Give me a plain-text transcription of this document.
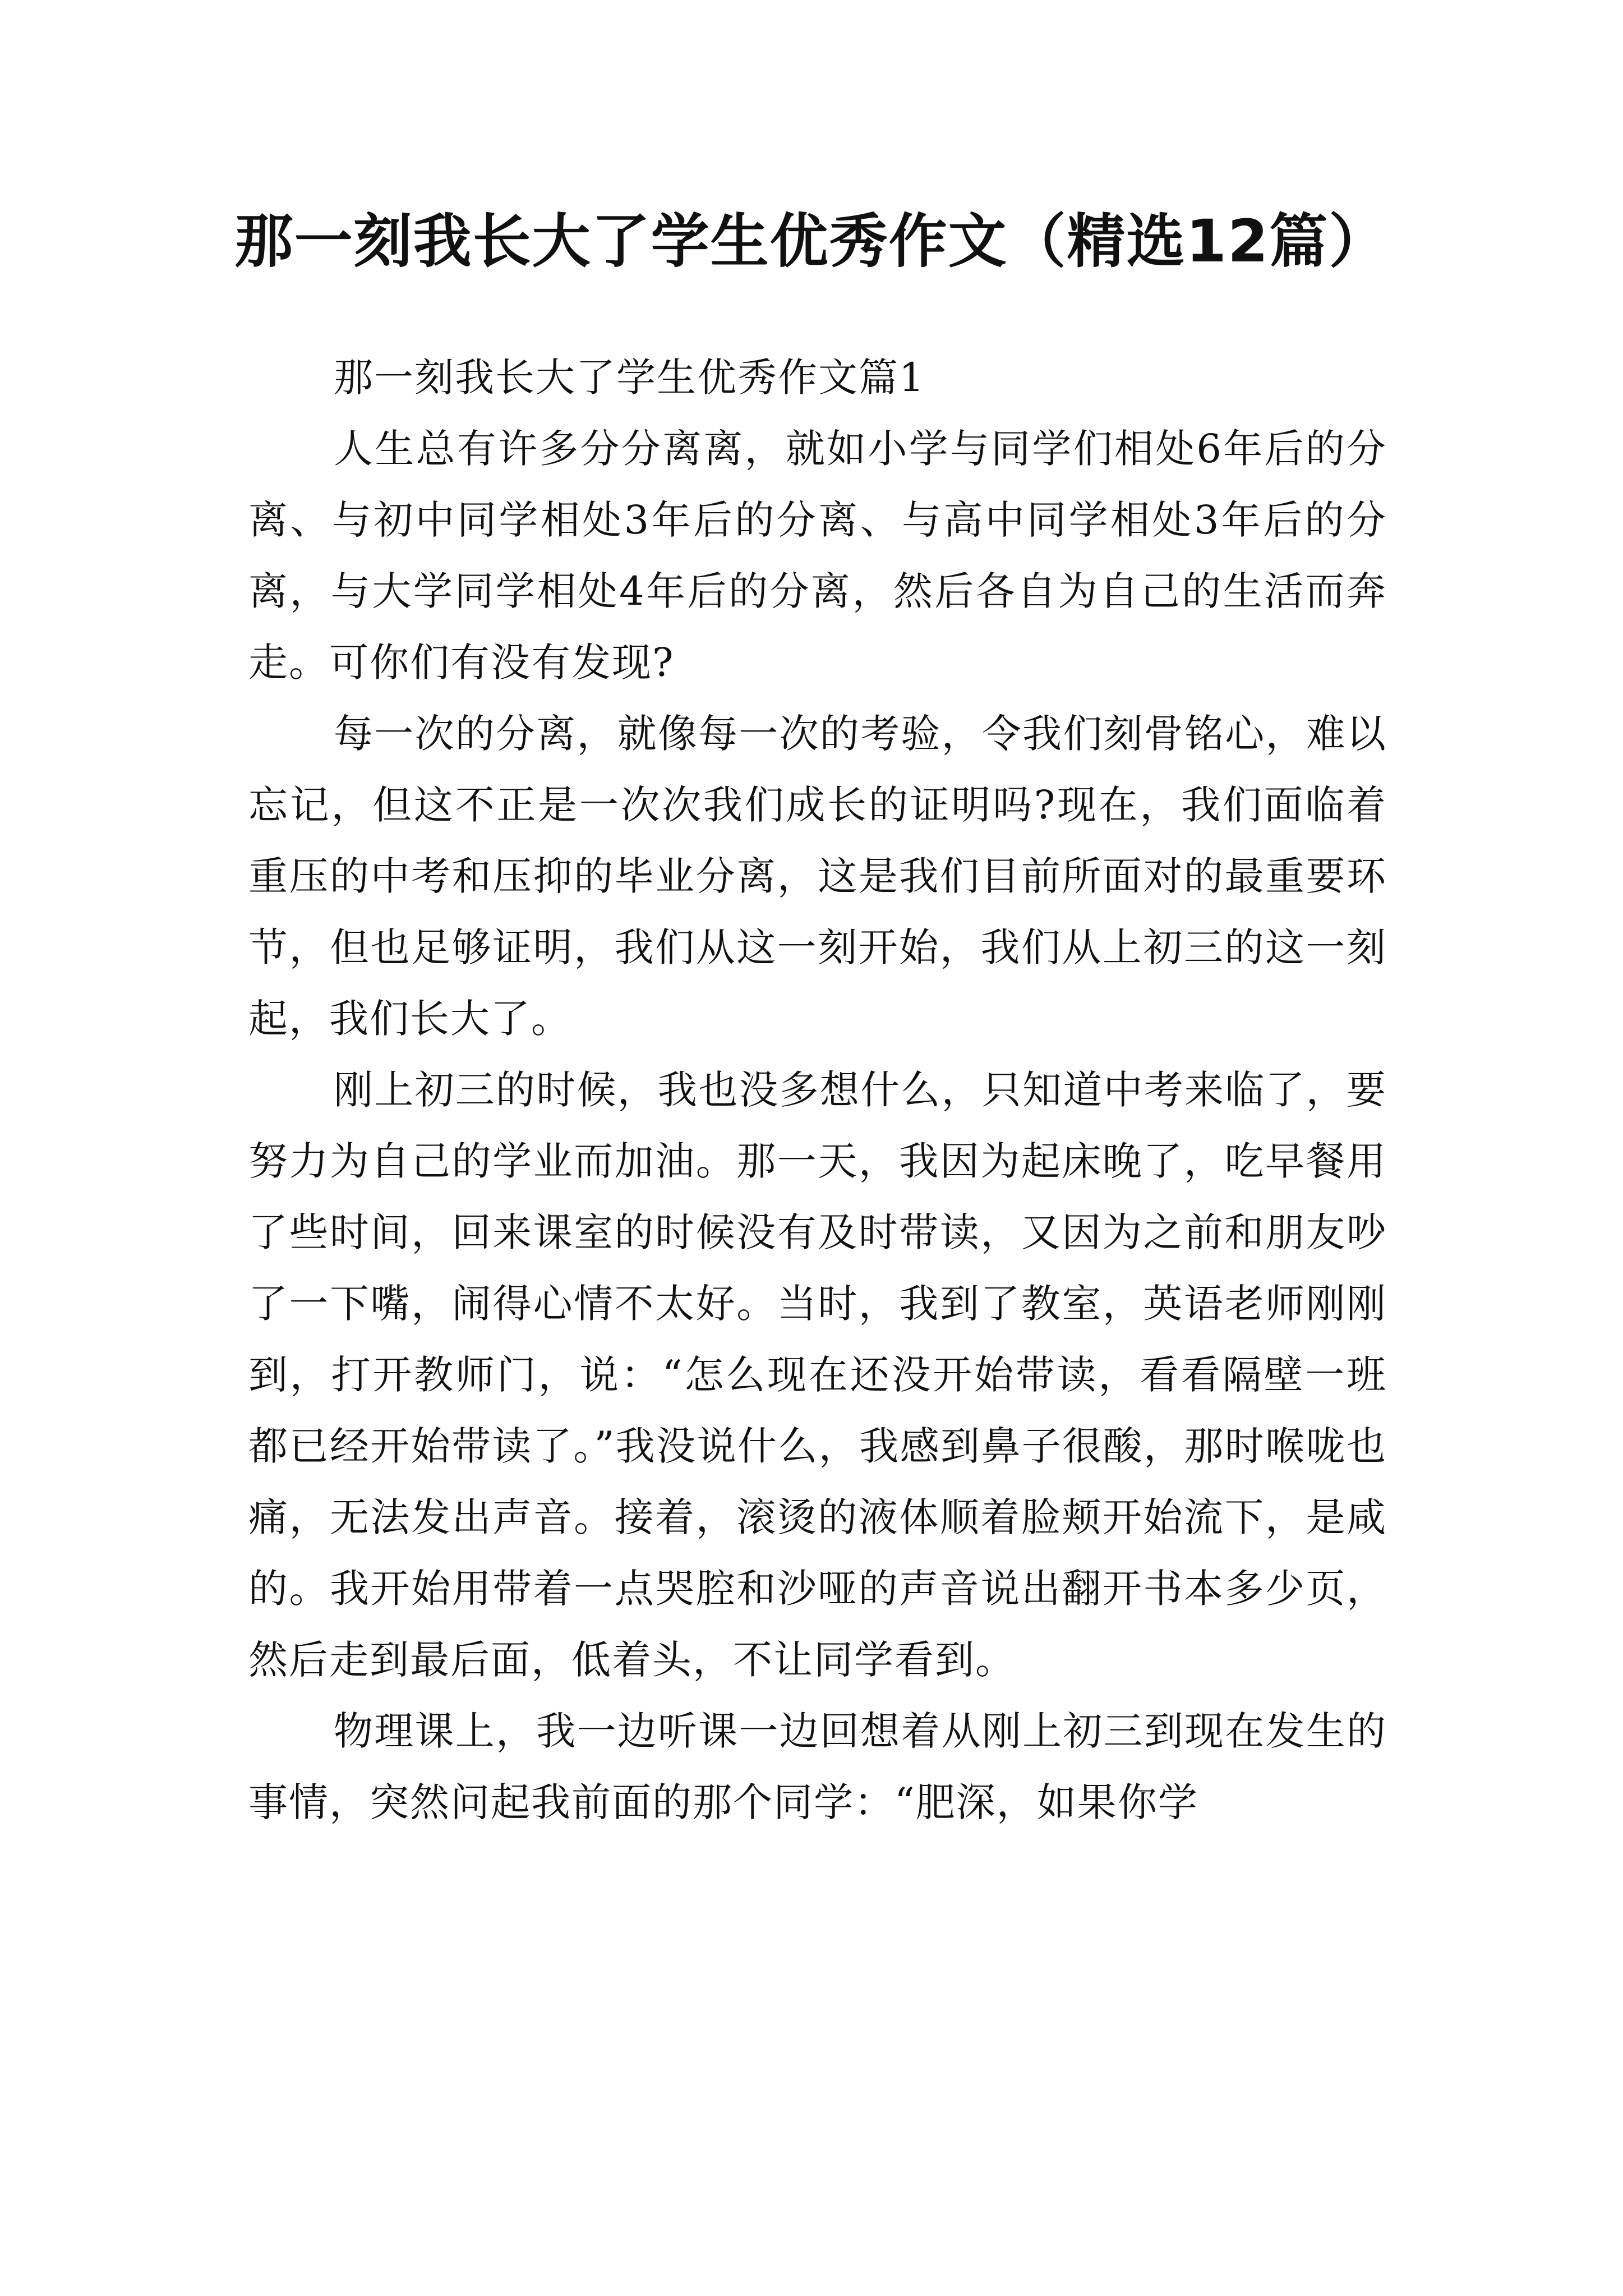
那一刻我长大了学生优秀作文（精选12篇）

那一刻我长大了学生优秀作文篇1

人生总有许多分分离离，就如小学与同学们相处6年后的分离、与初中同学相处3年后的分离、与高中同学相处3年后的分离，与大学同学相处4年后的分离，然后各自为自己的生活而奔走。可你们有没有发现?

每一次的分离，就像每一次的考验，令我们刻骨铭心，难以忘记，但这不正是一次次我们成长的证明吗?现在，我们面临着重压的中考和压抑的毕业分离，这是我们目前所面对的最重要环节，但也足够证明，我们从这一刻开始，我们从上初三的这一刻起，我们长大了。

刚上初三的时候，我也没多想什么，只知道中考来临了，要努力为自己的学业而加油。那一天，我因为起床晚了，吃早餐用了些时间，回来课室的时候没有及时带读，又因为之前和朋友吵了一下嘴，闹得心情不太好。当时，我到了教室，英语老师刚刚到，打开教师门，说：“怎么现在还没开始带读，看看隔壁一班都已经开始带读了。”我没说什么，我感到鼻子很酸，那时喉咙也痛，无法发出声音。接着，滚烫的液体顺着脸颊开始流下，是咸的。我开始用带着一点哭腔和沙哑的声音说出翻开书本多少页，然后走到最后面，低着头，不让同学看到。

物理课上，我一边听课一边回想着从刚上初三到现在发生的事情，突然问起我前面的那个同学：“肥深，如果你学
